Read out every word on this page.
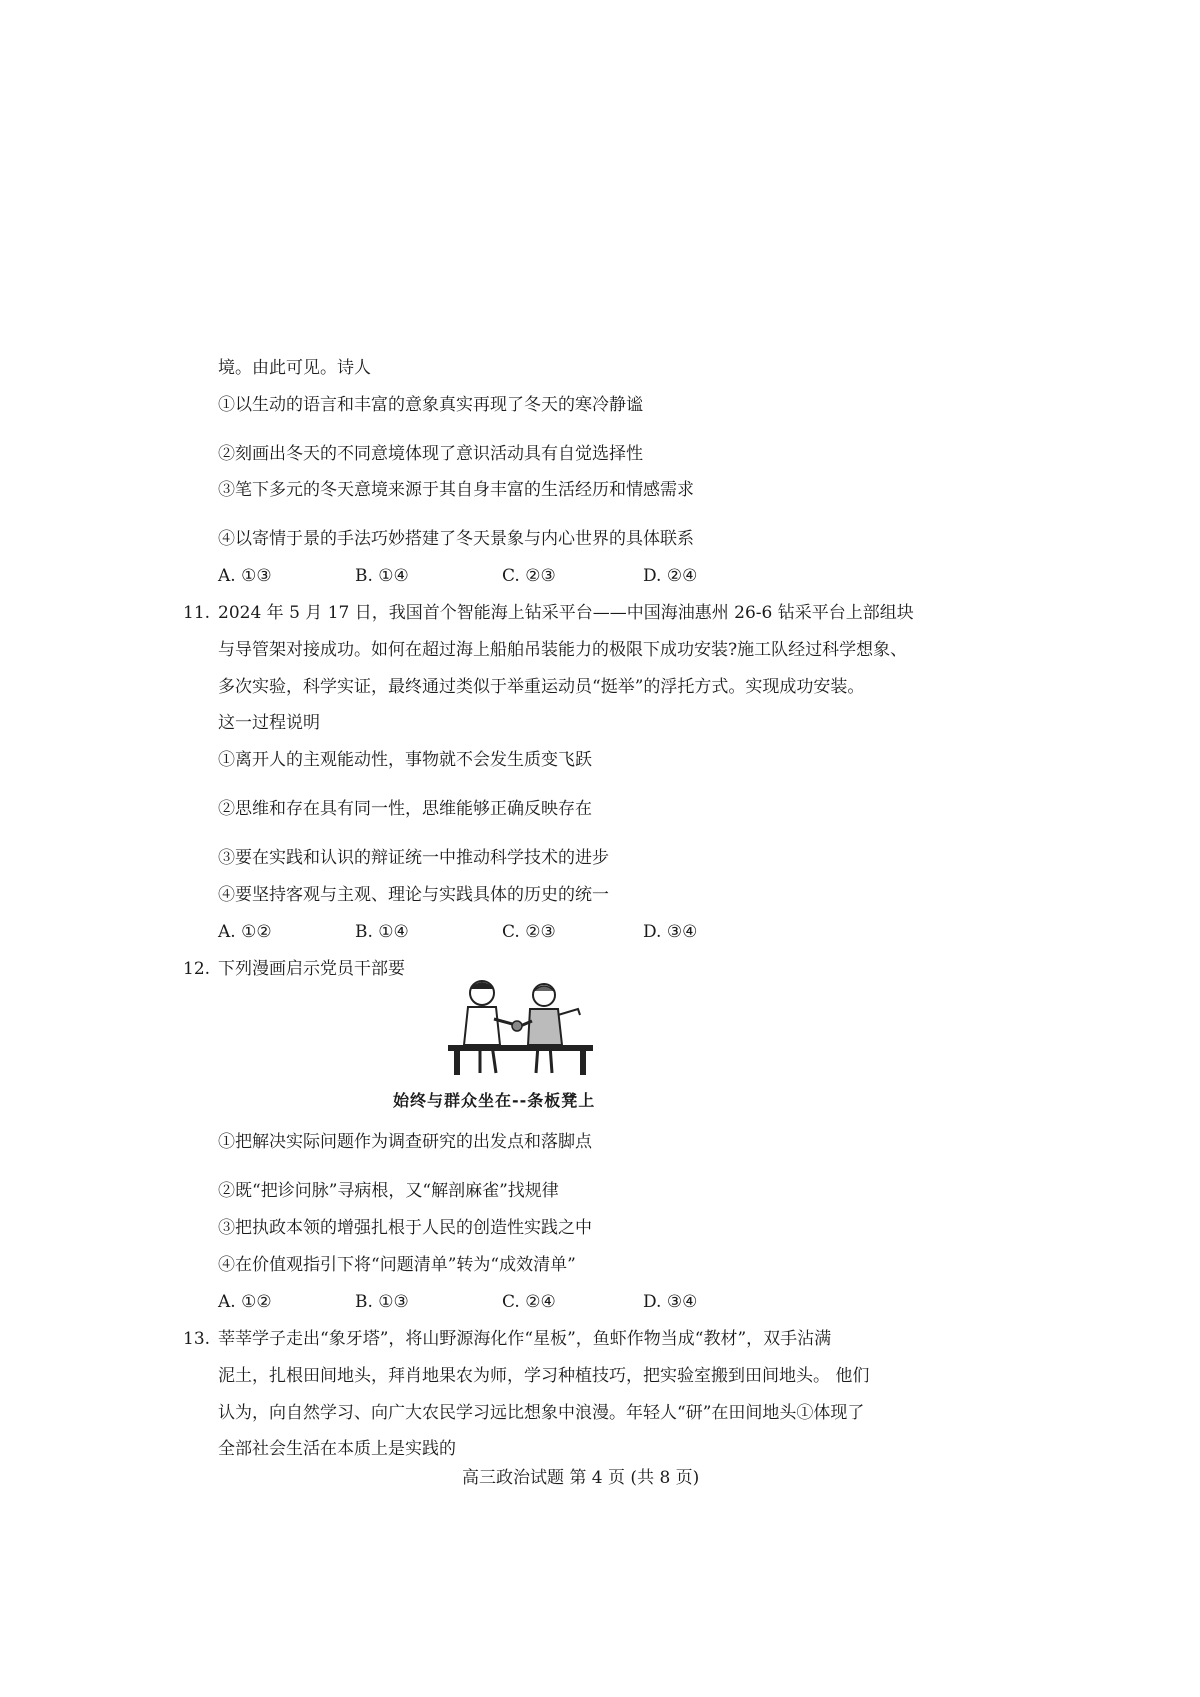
境。由此可见。诗人
①以生动的语言和丰富的意象真实再现了冬天的寒冷静谧
②刻画出冬天的不同意境体现了意识活动具有自觉选择性
③笔下多元的冬天意境来源于其自身丰富的生活经历和情感需求
④以寄情于景的手法巧妙搭建了冬天景象与内心世界的具体联系
A. ①③	B. ①④	C. ②③	D. ②④
11. 2024 年 5 月 17 日，我国首个智能海上钻采平台——中国海油惠州 26-6 钻采平台上部组块
与导管架对接成功。如何在超过海上船舶吊装能力的极限下成功安装?施工队经过科学想象、
多次实验，科学实证，最终通过类似于举重运动员“挺举”的浮托方式。实现成功安装。
这一过程说明
①离开人的主观能动性，事物就不会发生质变飞跃
②思维和存在具有同一性，思维能够正确反映存在
③要在实践和认识的辩证统一中推动科学技术的进步
④要坚持客观与主观、理论与实践具体的历史的统一
A. ①②	B. ①④	C. ②③	D. ③④
12. 下列漫画启示党员干部要
始终与群众坐在--条板凳上
①把解决实际问题作为调查研究的出发点和落脚点
②既“把诊问脉”寻病根，又“解剖麻雀”找规律
③把执政本领的增强扎根于人民的创造性实践之中
④在价值观指引下将“问题清单”转为“成效清单”
A. ①②	B. ①③	C. ②④	D. ③④
13. 莘莘学子走出“象牙塔”，将山野源海化作“星板”，鱼虾作物当成“教材”，双手沾满
泥土，扎根田间地头，拜肖地果农为师，学习种植技巧，把实验室搬到田间地头。 他们
认为，向自然学习、向广大农民学习远比想象中浪漫。年轻人“研”在田间地头①体现了
全部社会生活在本质上是实践的
高三政治试题 第 4 页 (共 8 页)
